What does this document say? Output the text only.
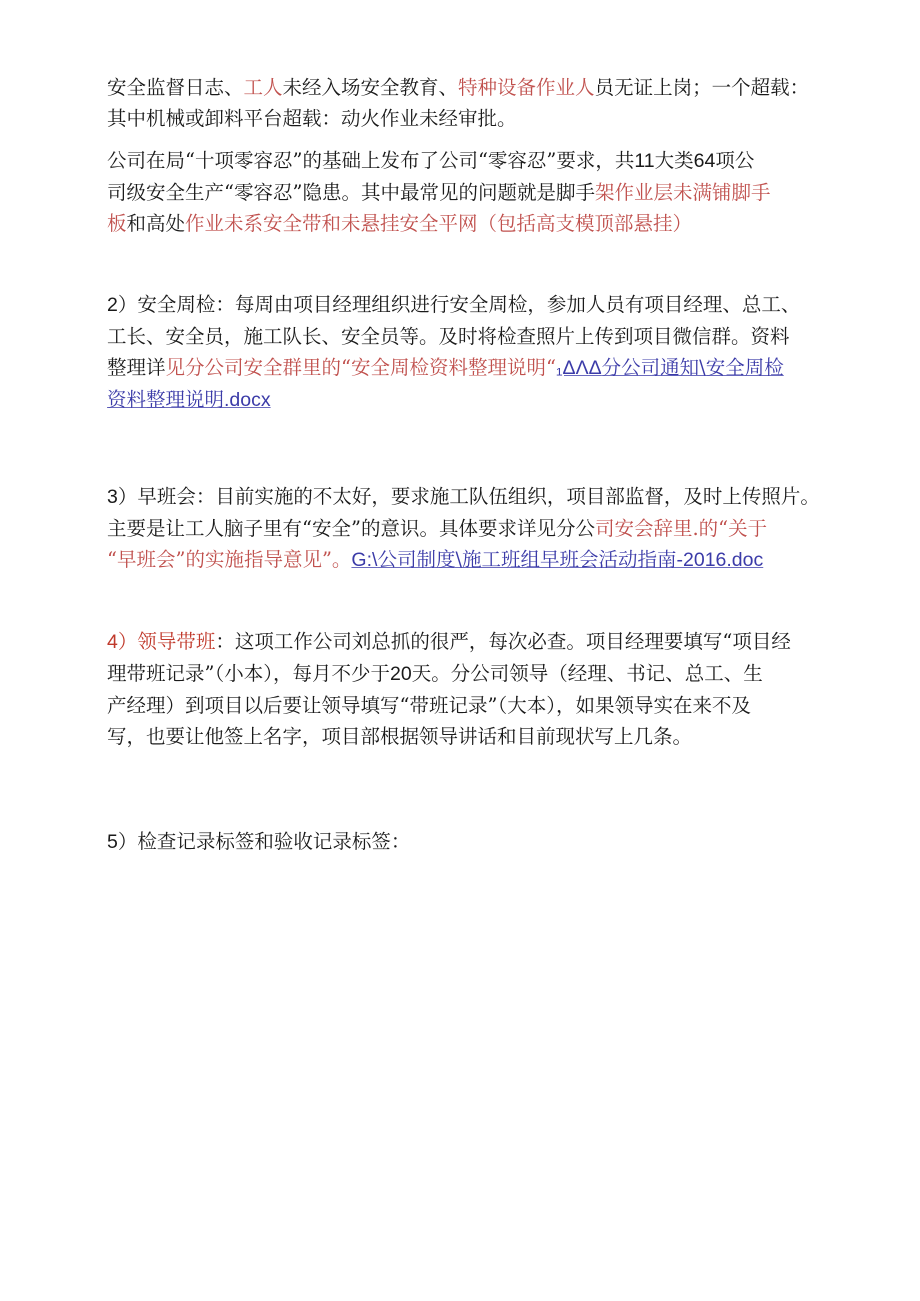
安全监督日志、工人未经入场安全教育、特种设备作业人员无证上岗；一个超载：
其中机械或卸料平台超载：动火作业未经审批。
公司在局“十项零容忍”的基础上发布了公司“零容忍”要求，共11大类64项公
司级安全生产“零容忍”隐患。其中最常见的问题就是脚手架作业层未满铺脚手
板和高处作业未系安全带和未悬挂安全平网（包括高支模顶部悬挂）
2）安全周检：每周由项目经理组织进行安全周检，参加人员有项目经理、总工、
工长、安全员，施工队长、安全员等。及时将检查照片上传到项目微信群。资料
整理详见分公司安全群里的“安全周检资料整理说明“₁ΔΛΔ分公司通知\安全周检
资料整理说明.docx
3）早班会：目前实施的不太好，要求施工队伍组织，项目部监督，及时上传照片。
主要是让工人脑子里有“安全”的意识。具体要求详见分公司安会辞里.的“关于
“早班会”的实施指导意见”。G:\公司制度\施工班组早班会活动指南-2016.doc
4）领导带班：这项工作公司刘总抓的很严，每次必查。项目经理要填写“项目经
理带班记录”（小本），每月不少于20天。分公司领导（经理、书记、总工、生
产经理）到项目以后要让领导填写“带班记录”（大本），如果领导实在来不及
写，也要让他签上名字，项目部根据领导讲话和目前现状写上几条。
5）检查记录标签和验收记录标签：
